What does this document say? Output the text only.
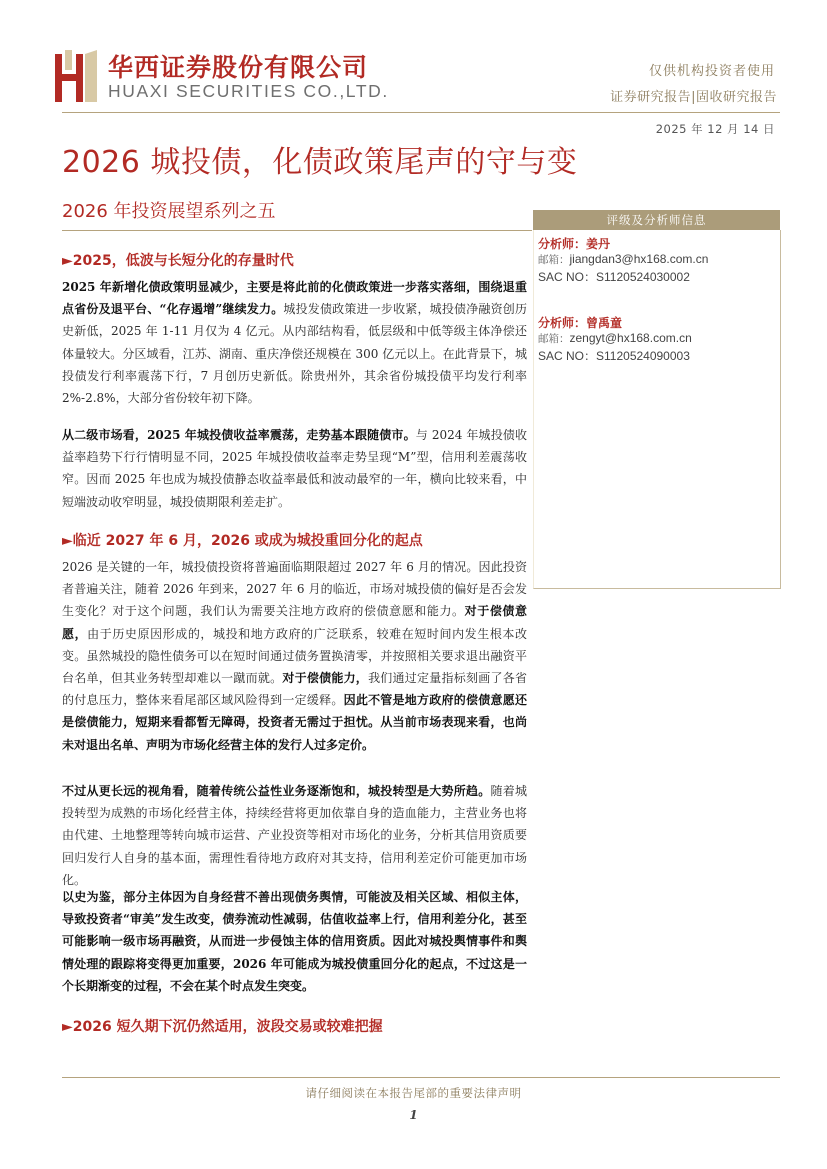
华西证券股份有限公司
HUAXI SECURITIES CO.,LTD.
仅供机构投资者使用
证券研究报告|固收研究报告
2025 年 12 月 14 日
2026 城投债，化债政策尾声的守与变
2026 年投资展望系列之五	评级及分析师信息
分析师：姜丹
邮箱：jiangdan3@hx168.com.cn
SAC NO：S1120524030002
分析师：曾禹童
邮箱：zengyt@hx168.com.cn
SAC NO：S1120524090003
►2025，低波与长短分化的存量时代
2025 年新增化债政策明显减少，主要是将此前的化债政策进一步落实落细，围绕退重点省份及退平台、“化存遏增”继续发力。城投发债政策进一步收紧，城投债净融资创历史新低，2025 年 1-11 月仅为 4 亿元。从内部结构看，低层级和中低等级主体净偿还体量较大。分区域看，江苏、湖南、重庆净偿还规模在 300 亿元以上。在此背景下，城投债发行利率震荡下行，7 月创历史新低。除贵州外，其余省份城投债平均发行利率 2%-2.8%，大部分省份较年初下降。
从二级市场看，2025 年城投债收益率震荡，走势基本跟随债市。与 2024 年城投债收益率趋势下行行情明显不同，2025 年城投债收益率走势呈现“M”型，信用利差震荡收窄。因而 2025 年也成为城投债静态收益率最低和波动最窄的一年，横向比较来看，中短端波动收窄明显，城投债期限利差走扩。
►临近 2027 年 6 月，2026 或成为城投重回分化的起点
2026 是关键的一年，城投债投资将普遍面临期限超过 2027 年 6 月的情况。因此投资者普遍关注，随着 2026 年到来，2027 年 6 月的临近，市场对城投债的偏好是否会发生变化？对于这个问题，我们认为需要关注地方政府的偿债意愿和能力。对于偿债意愿，由于历史原因形成的，城投和地方政府的广泛联系，较难在短时间内发生根本改变。虽然城投的隐性债务可以在短时间通过债务置换清零，并按照相关要求退出融资平台名单，但其业务转型却难以一蹴而就。对于偿债能力，我们通过定量指标刻画了各省的付息压力，整体来看尾部区域风险得到一定缓释。因此不管是地方政府的偿债意愿还是偿债能力，短期来看都暂无障碍，投资者无需过于担忧。从当前市场表现来看，也尚未对退出名单、声明为市场化经营主体的发行人过多定价。
不过从更长远的视角看，随着传统公益性业务逐渐饱和，城投转型是大势所趋。随着城投转型为成熟的市场化经营主体，持续经营将更加依靠自身的造血能力，主营业务也将由代建、土地整理等转向城市运营、产业投资等相对市场化的业务，分析其信用资质要回归发行人自身的基本面，需理性看待地方政府对其支持，信用利差定价可能更加市场化。
以史为鉴，部分主体因为自身经营不善出现债务舆情，可能波及相关区域、相似主体，导致投资者“审美”发生改变，债券流动性减弱，估值收益率上行，信用利差分化，甚至可能影响一级市场再融资，从而进一步侵蚀主体的信用资质。因此对城投舆情事件和舆情处理的跟踪将变得更加重要，2026 年可能成为城投债重回分化的起点，不过这是一个长期渐变的过程，不会在某个时点发生突变。
►2026 短久期下沉仍然适用，波段交易或较难把握
请仔细阅读在本报告尾部的重要法律声明
1
